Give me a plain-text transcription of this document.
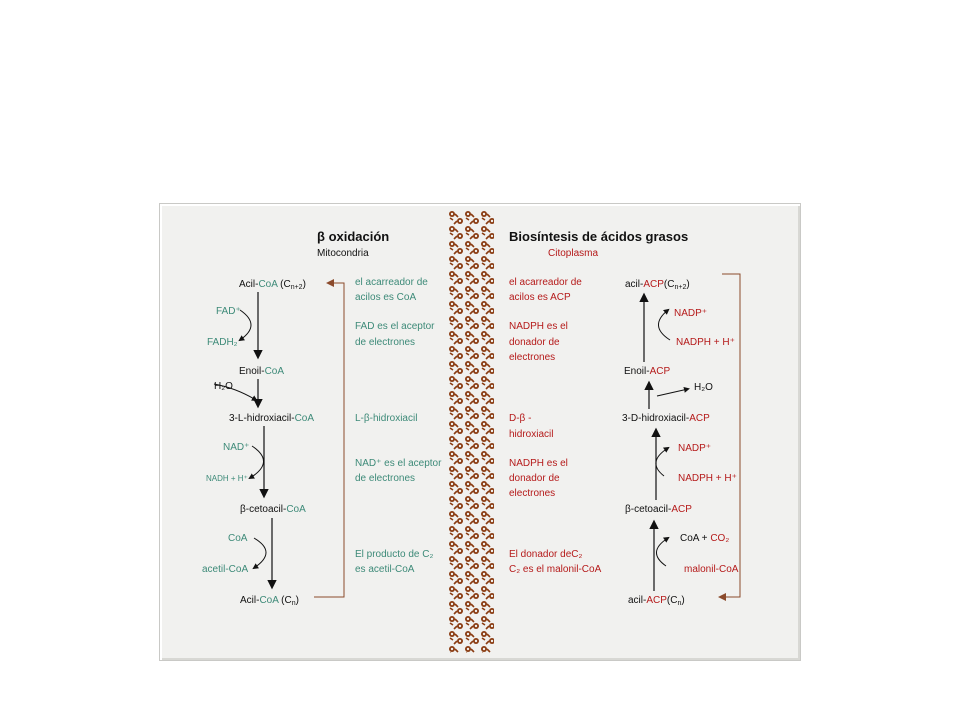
β oxidación
Mitocondria
Biosíntesis de ácidos grasos
Citoplasma
Acil-CoA $(C_{n+2})$
Enoil-CoA
3-L-hidroxiacil-CoA
β-cetoacil-CoA
Acil-CoA $(C_n)$
FAD⁺
FADH₂
H₂O
NAD⁺
NADH + H⁺
CoA
acetil-CoA
el acarreador de
acilos es CoA
FAD es el aceptor
de electrones
L-β-hidroxiacil
NAD⁺ es el aceptor
de electrones
El producto de C₂
es acetil-CoA
el acarreador de
acilos es ACP
NADPH es el
donador de
electrones
D-β -
hidroxiacil
NADPH es el
donador de
electrones
El donador deC₂
C₂ es el malonil-CoA
acil-$ACP(C_{n+2})$
Enoil-ACP
3-D-hidroxiacil-ACP
β-cetoacil-ACP
acil-$ACP(C_n)$
NADP⁺
NADPH + H⁺
H₂O
NADP⁺
NADPH + H⁺
CoA + CO₂
malonil-CoA
